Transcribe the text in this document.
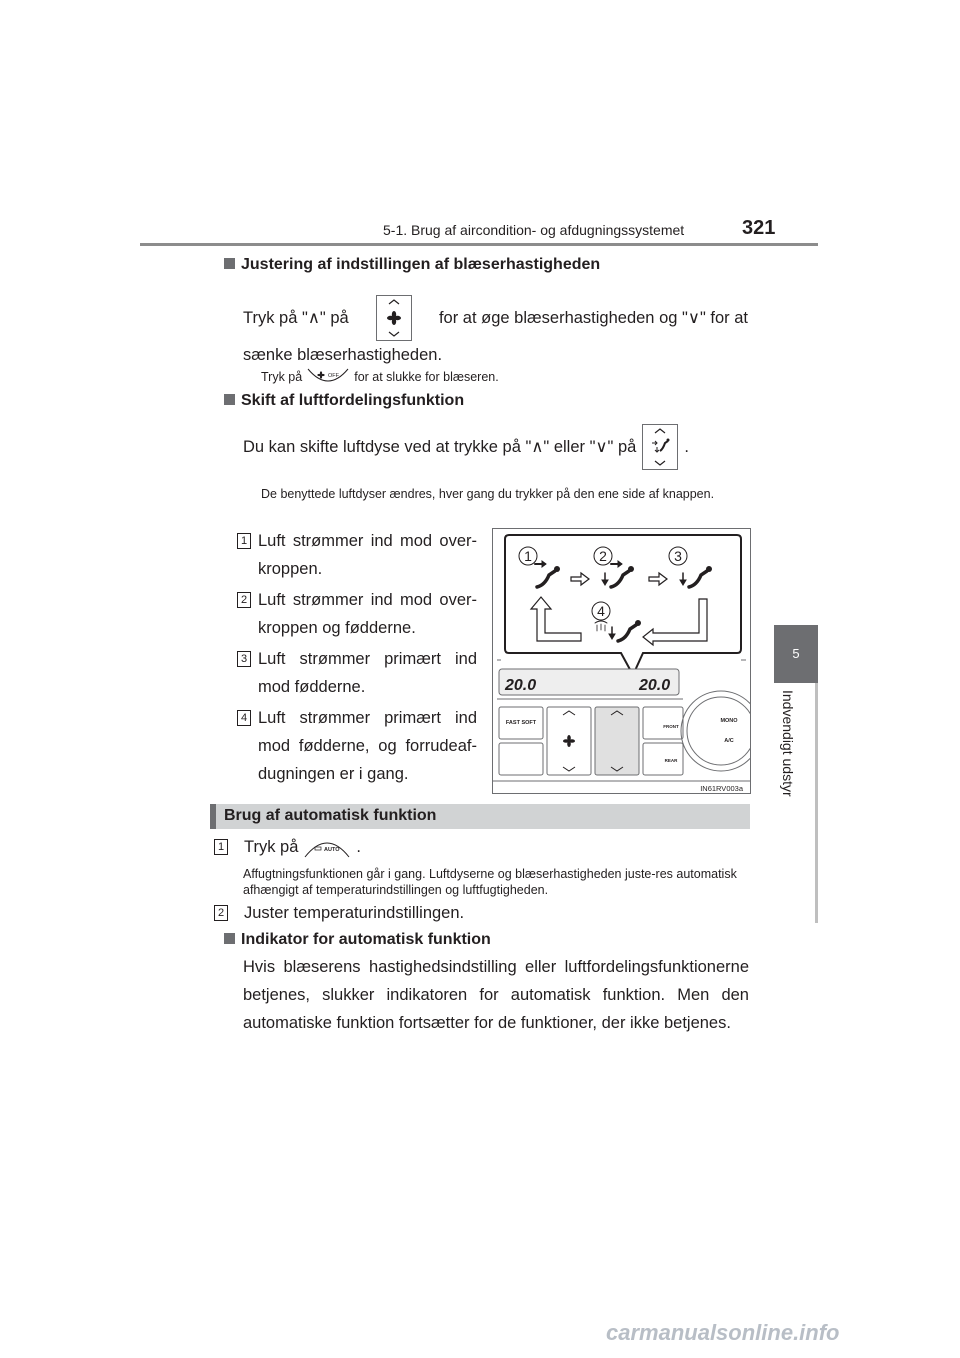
5-1. Brug af aircondition- og afdugningssystemet	321
5
Indvendigt udstyr
Justering af indstillingen af blæserhastigheden
Tryk på "∧" på	for at øge blæserhastigheden og "∨" for at
sænke blæserhastigheden.
Tryk på	OFF for at slukke for blæseren.
Skift af luftfordelingsfunktion
Du kan skifte luftdyse ved at trykke på "∧" eller "∨" på	.
De benyttede luftdyser ændres, hver gang du trykker på den ene side af knappen.
1 Luft strømmer ind mod over-kroppen.
2 Luft strømmer ind mod over-kroppen og fødderne.
3 Luft strømmer primært ind mod fødderne.
4 Luft strømmer primært ind mod fødderne, og forrudeaf-dugningen er i gang.
1	2	3
4
20.0	20.0
FAST SOFT
FRONT
REAR
MONO
A/C
IN61RV003a
Brug af automatisk funktion
1 Tryk på	AUTO .
Affugtningsfunktionen går i gang. Luftdyserne og blæserhastigheden juste-res automatisk afhængigt af temperaturindstillingen og luftfugtigheden.
2 Juster temperaturindstillingen.
Indikator for automatisk funktion
Hvis blæserens hastighedsindstilling eller luftfordelingsfunktionerne betjenes, slukker indikatoren for automatisk funktion. Men den automatiske funktion fortsætter for de funktioner, der ikke betjenes.
carmanualsonline.info
